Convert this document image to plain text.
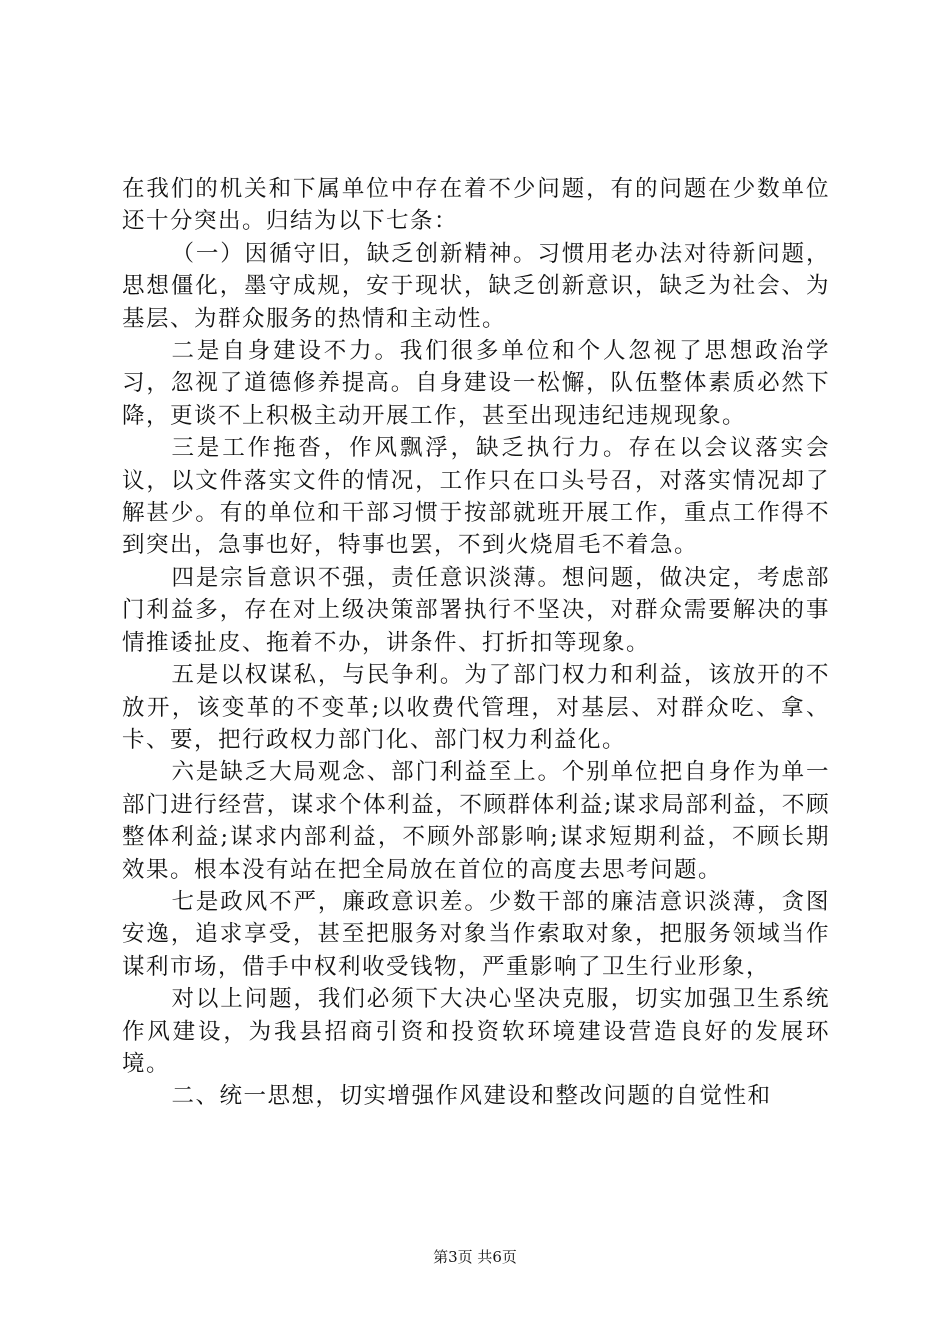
在我们的机关和下属单位中存在着不少问题，有的问题在少数单位还十分突出。归结为以下七条：

（一）因循守旧，缺乏创新精神。习惯用老办法对待新问题，思想僵化，墨守成规，安于现状，缺乏创新意识，缺乏为社会、为基层、为群众服务的热情和主动性。

二是自身建设不力。我们很多单位和个人忽视了思想政治学习，忽视了道德修养提高。自身建设一松懈，队伍整体素质必然下降，更谈不上积极主动开展工作，甚至出现违纪违规现象。

三是工作拖沓，作风飘浮，缺乏执行力。存在以会议落实会议，以文件落实文件的情况，工作只在口头号召，对落实情况却了解甚少。有的单位和干部习惯于按部就班开展工作，重点工作得不到突出，急事也好，特事也罢，不到火烧眉毛不着急。

四是宗旨意识不强，责任意识淡薄。想问题，做决定，考虑部门利益多，存在对上级决策部署执行不坚决，对群众需要解决的事情推诿扯皮、拖着不办，讲条件、打折扣等现象。

五是以权谋私，与民争利。为了部门权力和利益，该放开的不放开，该变革的不变革;以收费代管理，对基层、对群众吃、拿、卡、要，把行政权力部门化、部门权力利益化。

六是缺乏大局观念、部门利益至上。个别单位把自身作为单一部门进行经营，谋求个体利益，不顾群体利益;谋求局部利益，不顾整体利益;谋求内部利益，不顾外部影响;谋求短期利益，不顾长期效果。根本没有站在把全局放在首位的高度去思考问题。

七是政风不严，廉政意识差。少数干部的廉洁意识淡薄，贪图安逸，追求享受，甚至把服务对象当作索取对象，把服务领域当作谋利市场，借手中权利收受钱物，严重影响了卫生行业形象，

对以上问题，我们必须下大决心坚决克服，切实加强卫生系统作风建设，为我县招商引资和投资软环境建设营造良好的发展环境。

二、统一思想，切实增强作风建设和整改问题的自觉性和

第3页 共6页
